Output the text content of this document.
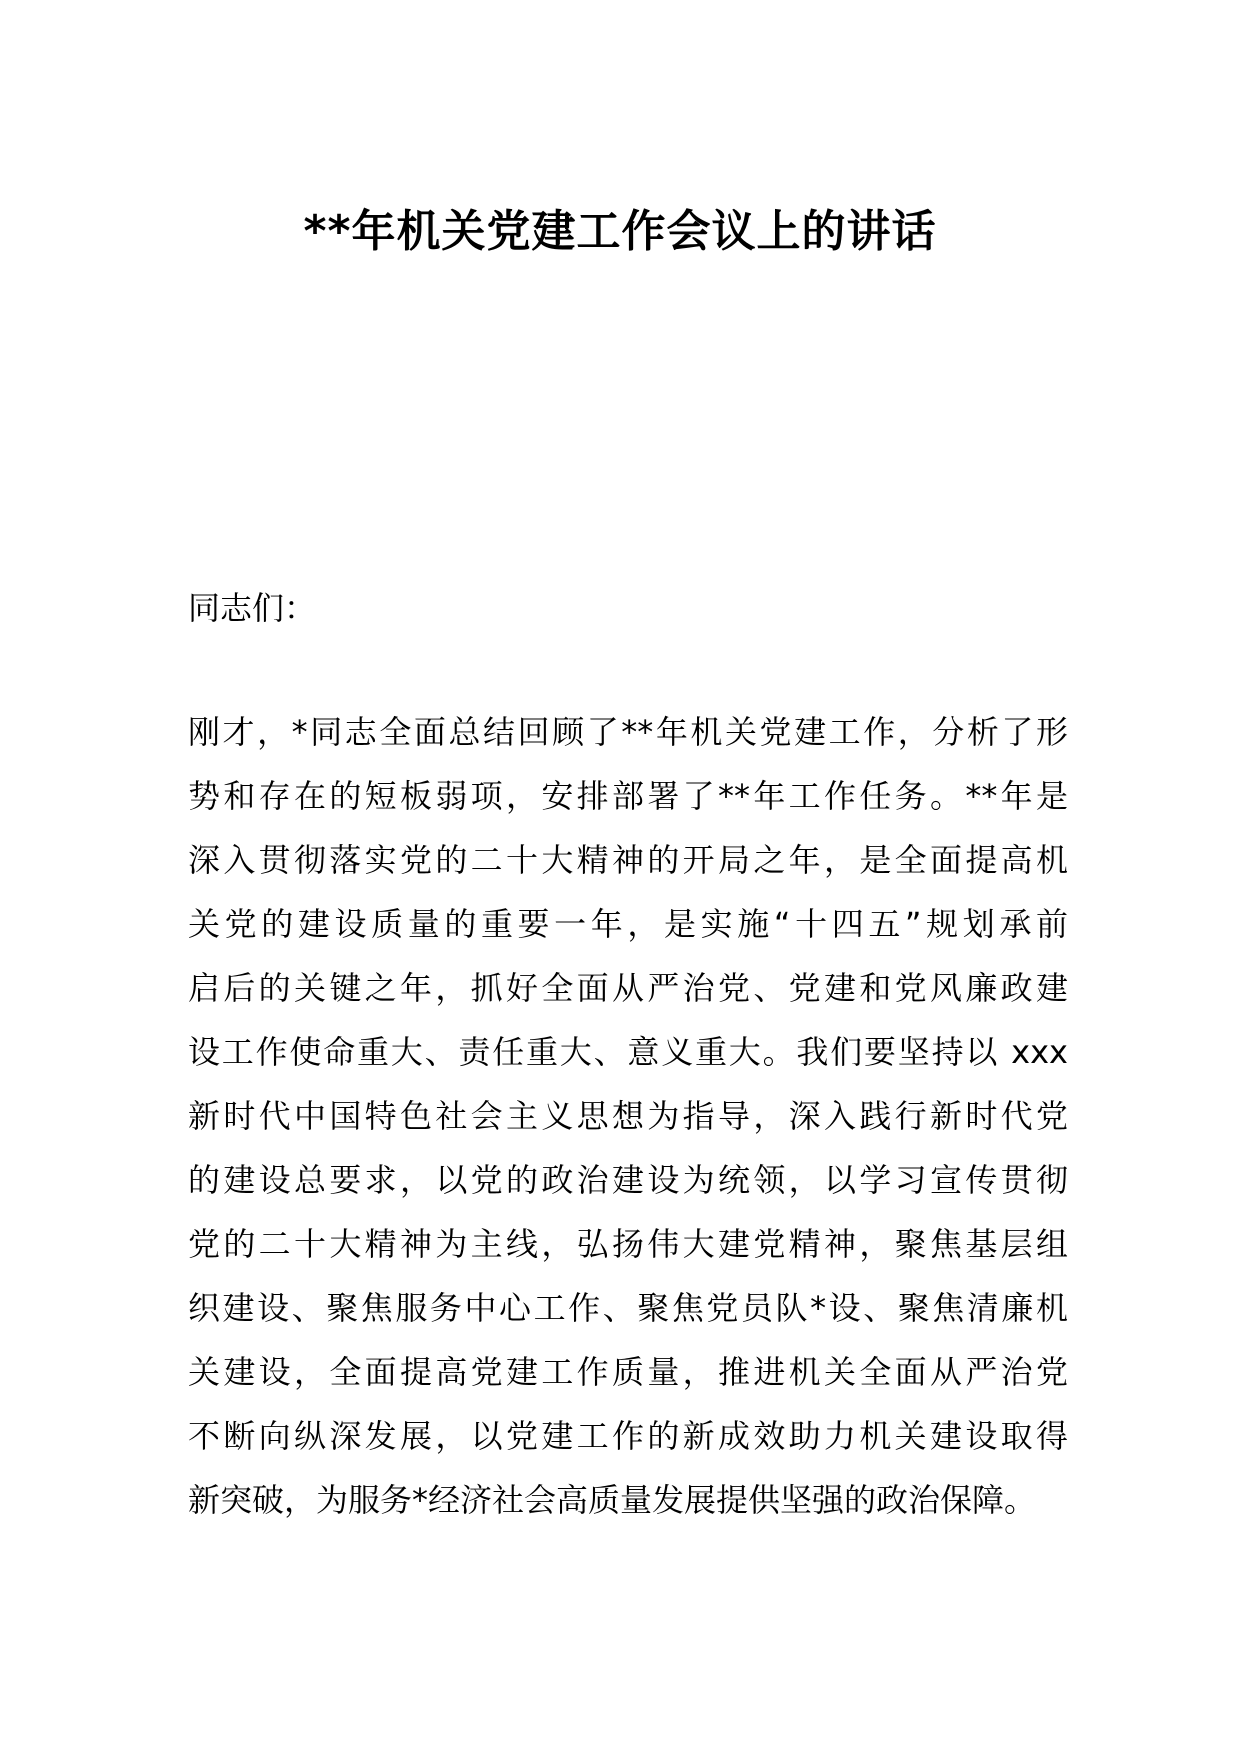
**年机关党建工作会议上的讲话

同志们：

刚才，*同志全面总结回顾了**年机关党建工作，分析了形

势和存在的短板弱项，安排部署了**年工作任务。**年是

深入贯彻落实党的二十大精神的开局之年，是全面提高机

关党的建设质量的重要一年，是实施“十四五”规划承前

启后的关键之年，抓好全面从严治党、党建和党风廉政建

设工作使命重大、责任重大、意义重大。我们要坚持以 xxx

新时代中国特色社会主义思想为指导，深入践行新时代党

的建设总要求，以党的政治建设为统领，以学习宣传贯彻

党的二十大精神为主线，弘扬伟大建党精神，聚焦基层组

织建设、聚焦服务中心工作、聚焦党员队*设、聚焦清廉机

关建设，全面提高党建工作质量，推进机关全面从严治党

不断向纵深发展，以党建工作的新成效助力机关建设取得

新突破，为服务*经济社会高质量发展提供坚强的政治保障。
